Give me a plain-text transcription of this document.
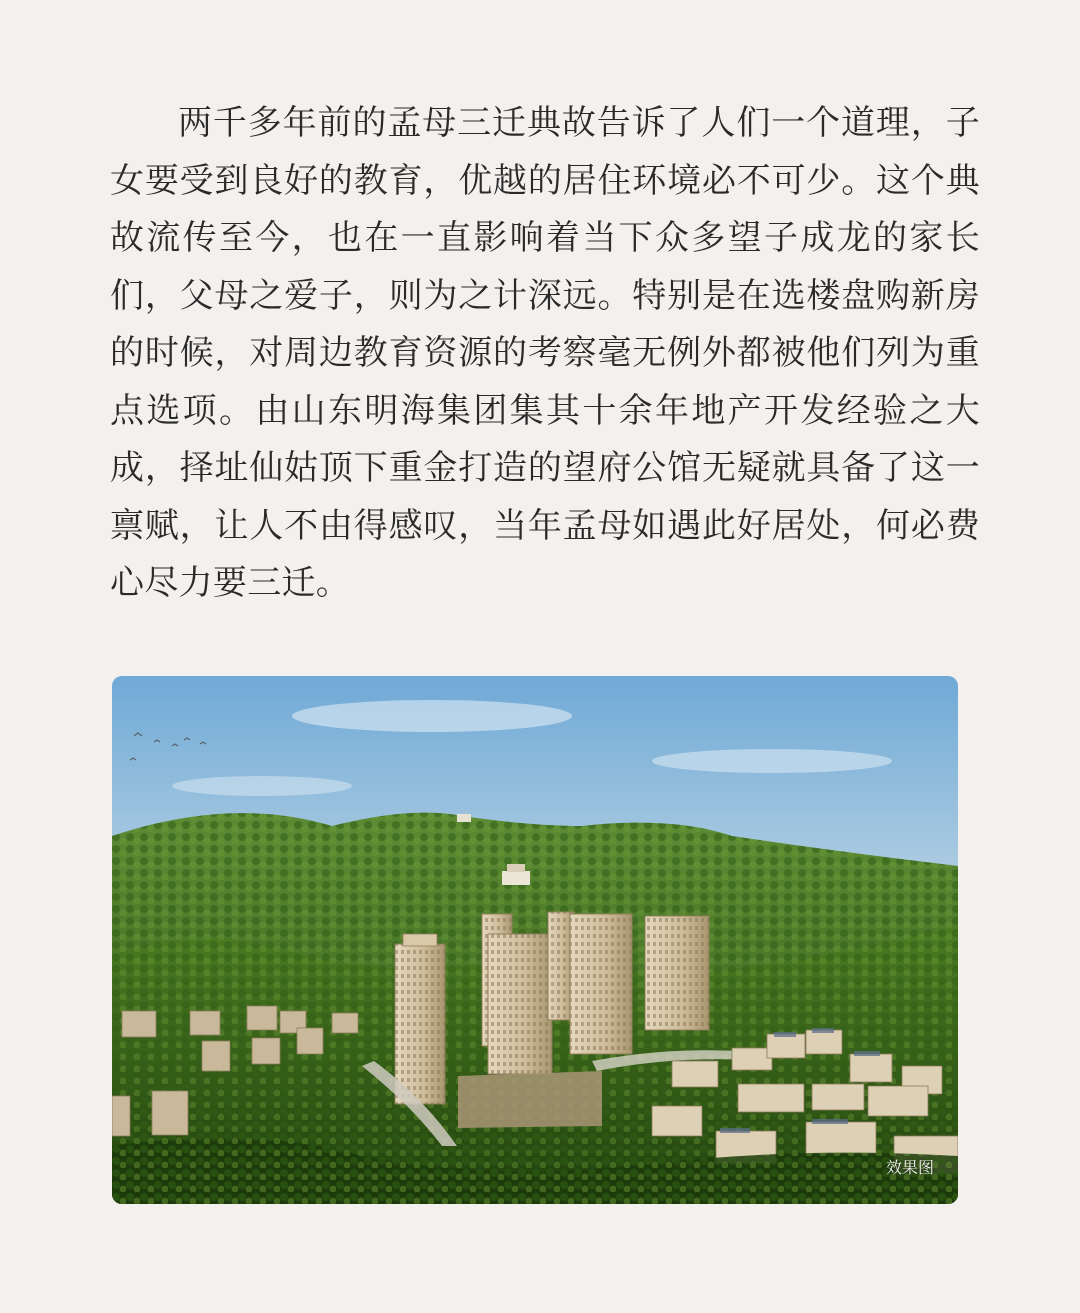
两千多年前的孟母三迁典故告诉了人们一个道理，子女要受到良好的教育，优越的居住环境必不可少。这个典故流传至今，也在一直影响着当下众多望子成龙的家长们，父母之爱子，则为之计深远。特别是在选楼盘购新房的时候，对周边教育资源的考察毫无例外都被他们列为重点选项。由山东明海集团集其十余年地产开发经验之大成，择址仙姑顶下重金打造的望府公馆无疑就具备了这一禀赋，让人不由得感叹，当年孟母如遇此好居处，何必费心尽力要三迁。

效果图
